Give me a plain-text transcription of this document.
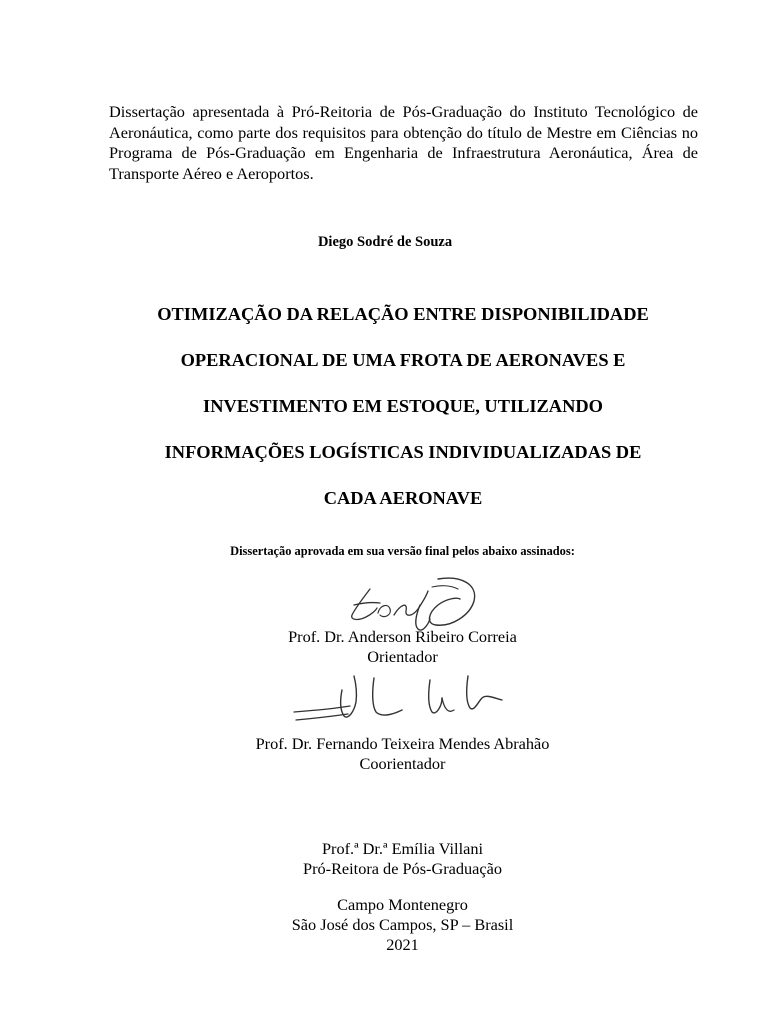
Dissertação apresentada à Pró-Reitoria de Pós-Graduação do Instituto Tecnológico de Aeronáutica, como parte dos requisitos para obtenção do título de Mestre em Ciências no Programa de Pós-Graduação em Engenharia de Infraestrutura Aeronáutica, Área de Transporte Aéreo e Aeroportos.

Diego Sodré de Souza

OTIMIZAÇÃO DA RELAÇÃO ENTRE DISPONIBILIDADE
OPERACIONAL DE UMA FROTA DE AERONAVES E
INVESTIMENTO EM ESTOQUE, UTILIZANDO
INFORMAÇÕES LOGÍSTICAS INDIVIDUALIZADAS DE
CADA AERONAVE

Dissertação aprovada em sua versão final pelos abaixo assinados:

Prof. Dr. Anderson Ribeiro Correia
Orientador
Prof. Dr. Fernando Teixeira Mendes Abrahão
Coorientador
Prof.ª Dr.ª Emília Villani
Pró-Reitora de Pós-Graduação
Campo Montenegro
São José dos Campos, SP – Brasil
2021
